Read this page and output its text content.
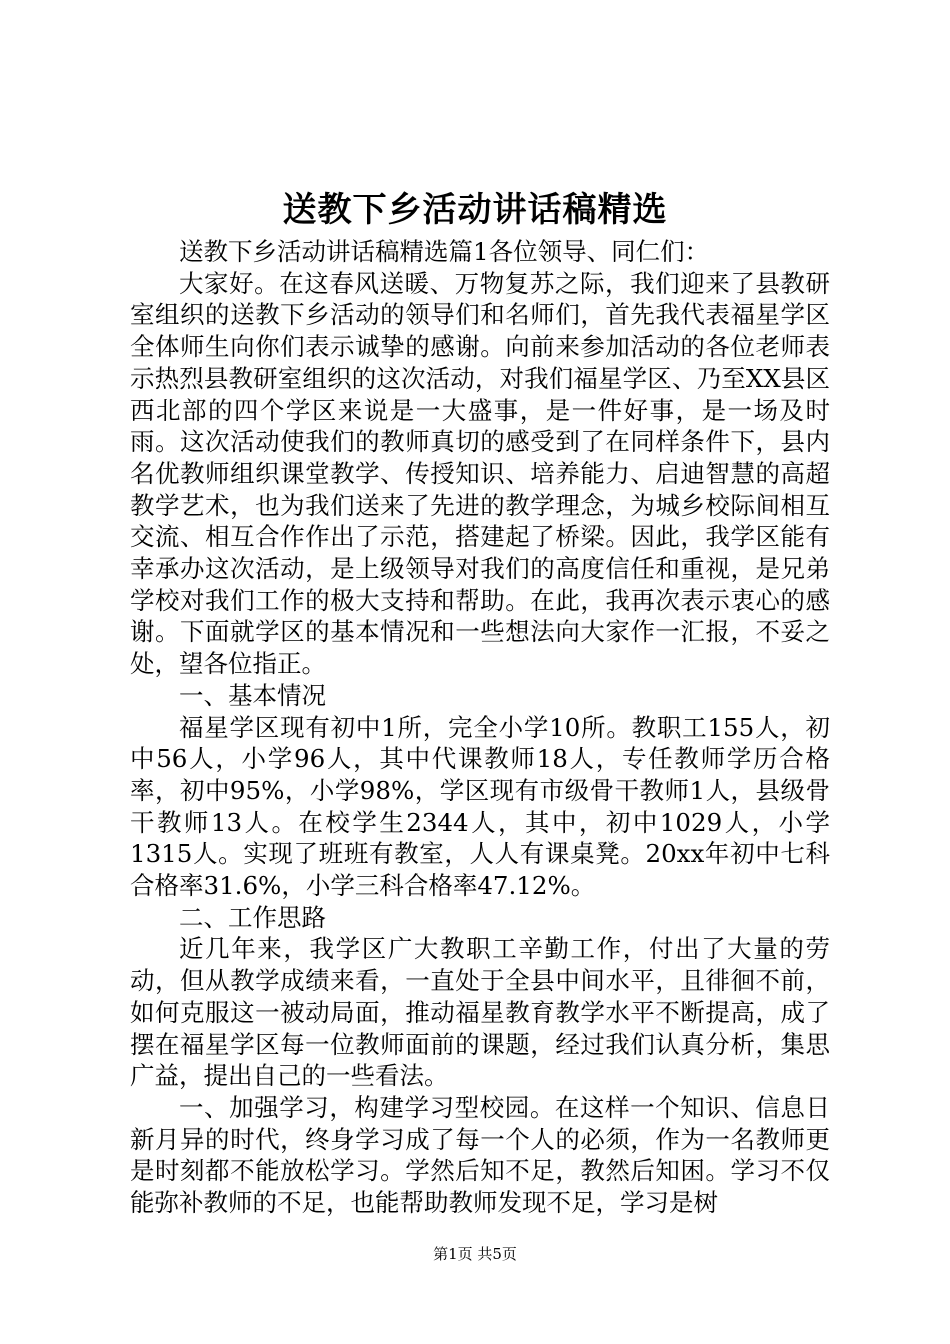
送教下乡活动讲话稿精选

送教下乡活动讲话稿精选篇1各位领导、同仁们：

大家好。在这春风送暖、万物复苏之际，我们迎来了县教研室组织的送教下乡活动的领导们和名师们，首先我代表福星学区全体师生向你们表示诚挚的感谢。向前来参加活动的各位老师表示热烈县教研室组织的这次活动，对我们福星学区、乃至XX县区西北部的四个学区来说是一大盛事，是一件好事，是一场及时雨。这次活动使我们的教师真切的感受到了在同样条件下，县内名优教师组织课堂教学、传授知识、培养能力、启迪智慧的高超教学艺术，也为我们送来了先进的教学理念，为城乡校际间相互交流、相互合作作出了示范，搭建起了桥梁。因此，我学区能有幸承办这次活动，是上级领导对我们的高度信任和重视，是兄弟学校对我们工作的极大支持和帮助。在此，我再次表示衷心的感谢。下面就学区的基本情况和一些想法向大家作一汇报，不妥之处，望各位指正。

一、基本情况

福星学区现有初中1所，完全小学10所。教职工155人，初中56人，小学96人，其中代课教师18人，专任教师学历合格率，初中95%，小学98%，学区现有市级骨干教师1人，县级骨干教师13人。在校学生2344人，其中，初中1029人，小学1315人。实现了班班有教室，人人有课桌凳。20xx年初中七科合格率31.6%，小学三科合格率47.12%。

二、工作思路

近几年来，我学区广大教职工辛勤工作，付出了大量的劳动，但从教学成绩来看，一直处于全县中间水平，且徘徊不前，如何克服这一被动局面，推动福星教育教学水平不断提高，成了摆在福星学区每一位教师面前的课题，经过我们认真分析，集思广益，提出自己的一些看法。

一、加强学习，构建学习型校园。在这样一个知识、信息日新月异的时代，终身学习成了每一个人的必须，作为一名教师更是时刻都不能放松学习。学然后知不足，教然后知困。学习不仅能弥补教师的不足，也能帮助教师发现不足，学习是树

第1页 共5页
